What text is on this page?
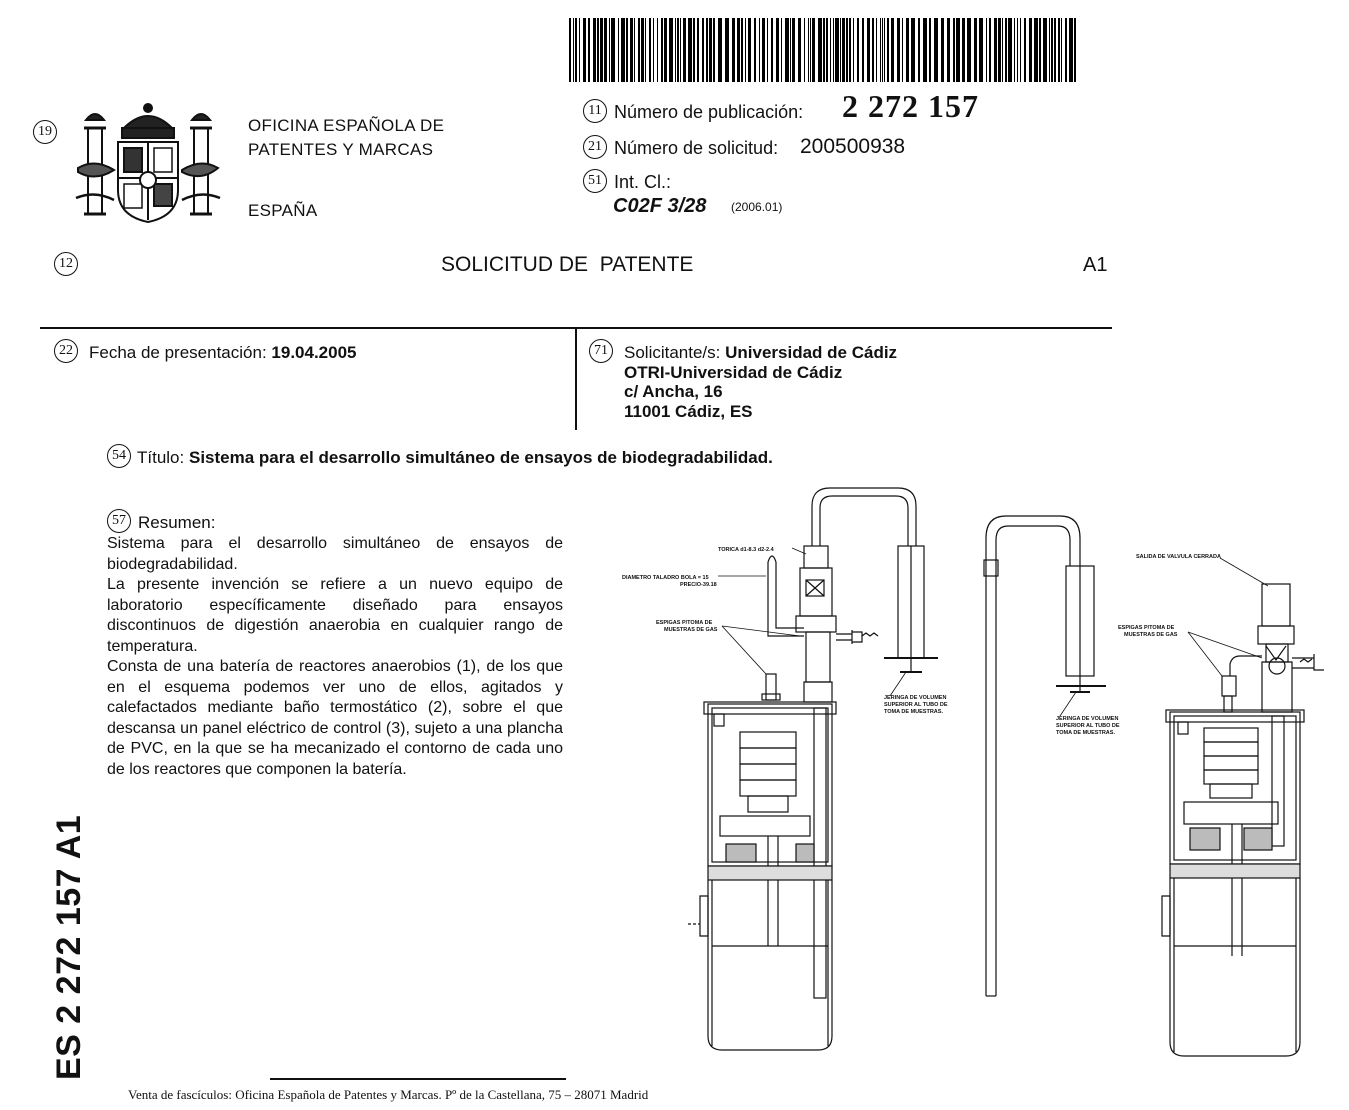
19	OFICINA ESPAÑOLA DE
PATENTES Y MARCAS
ESPAÑA
11 Número de publicación: 2 272 157
21 Número de solicitud: 200500938
51 Int. Cl.:
C02F 3/28 (2006.01)
12	SOLICITUD DE  PATENTE	A1
22 Fecha de presentación: 19.04.2005	71 Solicitante/s: Universidad de Cádiz
OTRI-Universidad de Cádiz
c/ Ancha, 16
11001 Cádiz, ES
54 Título: Sistema para el desarrollo simultáneo de ensayos de biodegradabilidad.
57 Resumen:

Sistema para el desarrollo simultáneo de ensayos de biodegradabilidad.

La presente invención se refiere a un nuevo equipo de laboratorio específicamente diseñado para ensayos discontinuos de digestión anaerobia en cualquier rango de temperatura.

Consta de una batería de reactores anaerobios (1), de los que en el esquema podemos ver uno de ellos, agitados y calefactados mediante baño termostático (2), sobre el que descansa un panel eléctrico de control (3), sujeto a una plancha de PVC, en la que se ha mecanizado el contorno de cada uno de los reactores que componen la batería.

TORICA d1-8.3 d2-2.4
DIAMETRO TALADRO BOLA = 15
PRECIO-39.18
ESPIGAS P/TOMA DE
MUESTRAS DE GAS
JERINGA DE VOLUMEN
SUPERIOR AL TUBO DE
TOMA DE MUESTRAS.
JERINGA DE VOLUMEN
SUPERIOR AL TUBO DE
TOMA DE MUESTRAS.
SALIDA DE VALVULA CERRADA
ESPIGAS P/TOMA DE
MUESTRAS DE GAS
ES 2 272 157 A1
Venta de fascículos: Oficina Española de Patentes y Marcas. Pº de la Castellana, 75 – 28071 Madrid
